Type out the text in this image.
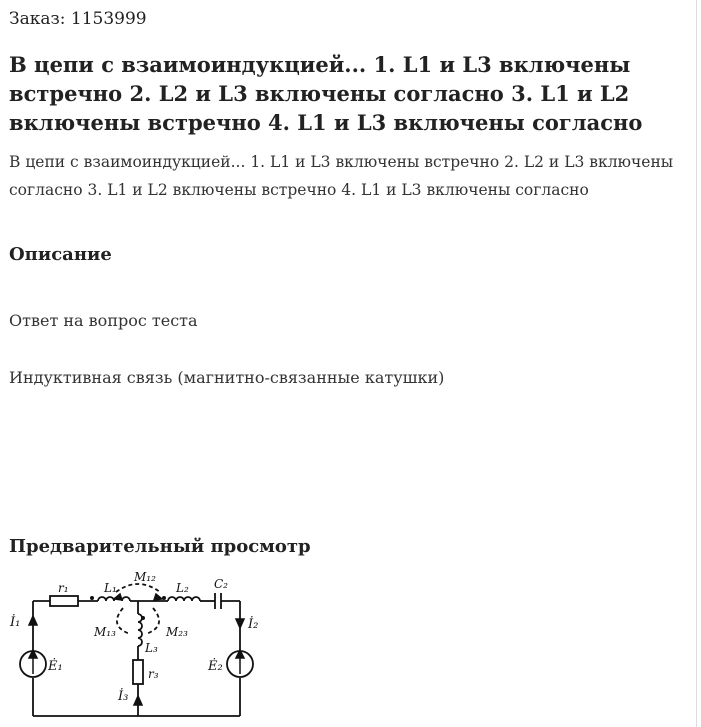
Заказ: 1153999
В цепи с взаимоиндукцией... 1. L1 и L3 включены встречно 2. L2 и L3 включены согласно 3. L1 и L2 включены встречно 4. L1 и L3 включены согласно

В цепи с взаимоиндукцией... 1. L1 и L3 включены встречно 2. L2 и L3 включены согласно 3. L1 и L2 включены встречно 4. L1 и L3 включены согласно

Описание

Ответ на вопрос теста

Индуктивная связь (магнитно-связанные катушки)

Предварительный просмотр
r₁	L₁
M₁₂
L₂ C₂
İ₁	İ₂
M₁₃	M₂₃
L₃
Ė₁	Ė₂
r₃
İ₃
